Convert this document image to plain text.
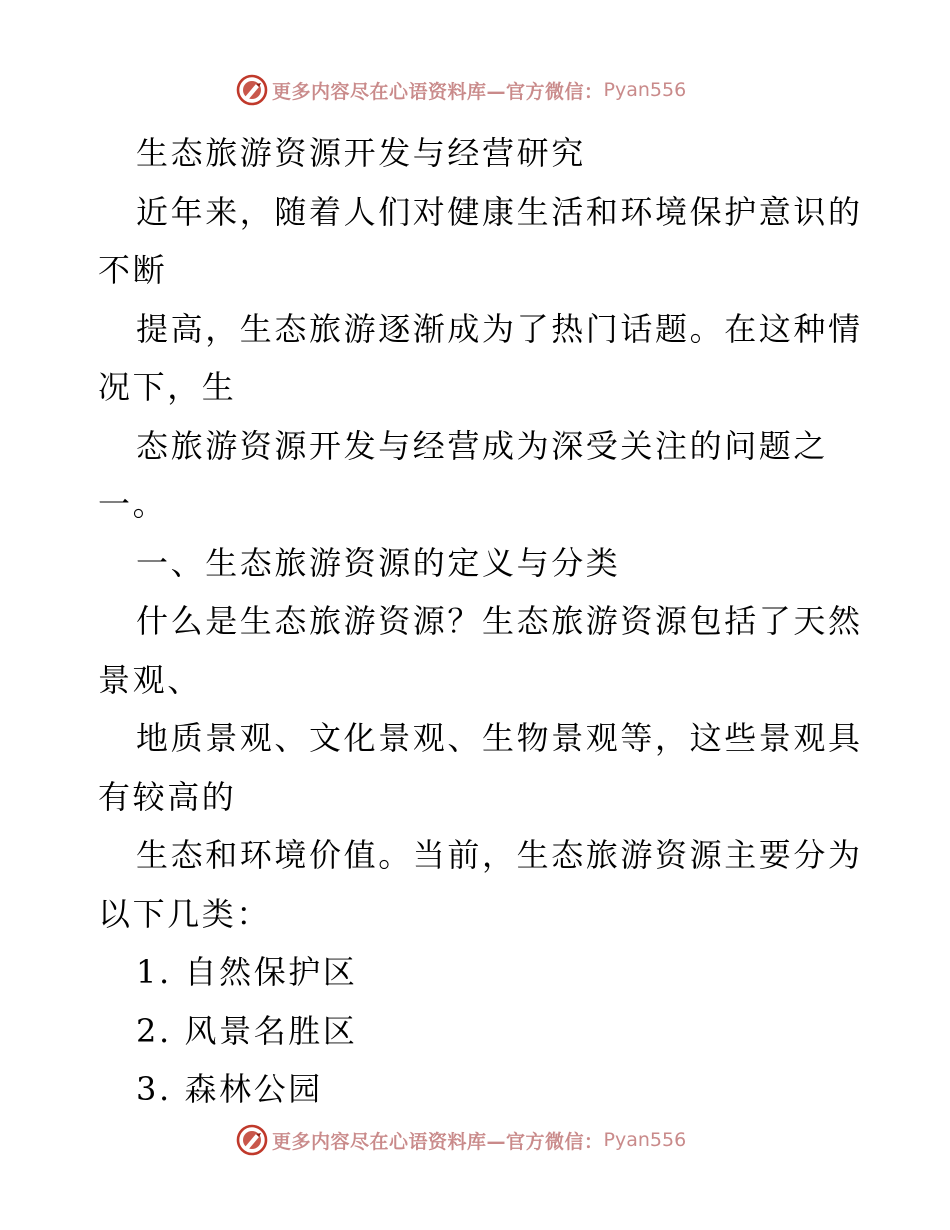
更多内容尽在心语资料库—官方微信： Pyan556
生态旅游资源开发与经营研究
近年来，随着人们对健康生活和环境保护意识的
不断
提高，生态旅游逐渐成为了热门话题。在这种情
况下，生
态旅游资源开发与经营成为深受关注的问题之
一。
一、生态旅游资源的定义与分类
什么是生态旅游资源？生态旅游资源包括了天然
景观、
地质景观、文化景观、生物景观等，这些景观具
有较高的
生态和环境价值。当前，生态旅游资源主要分为
以下几类：
1. 自然保护区
2. 风景名胜区
3. 森林公园
更多内容尽在心语资料库—官方微信： Pyan556
